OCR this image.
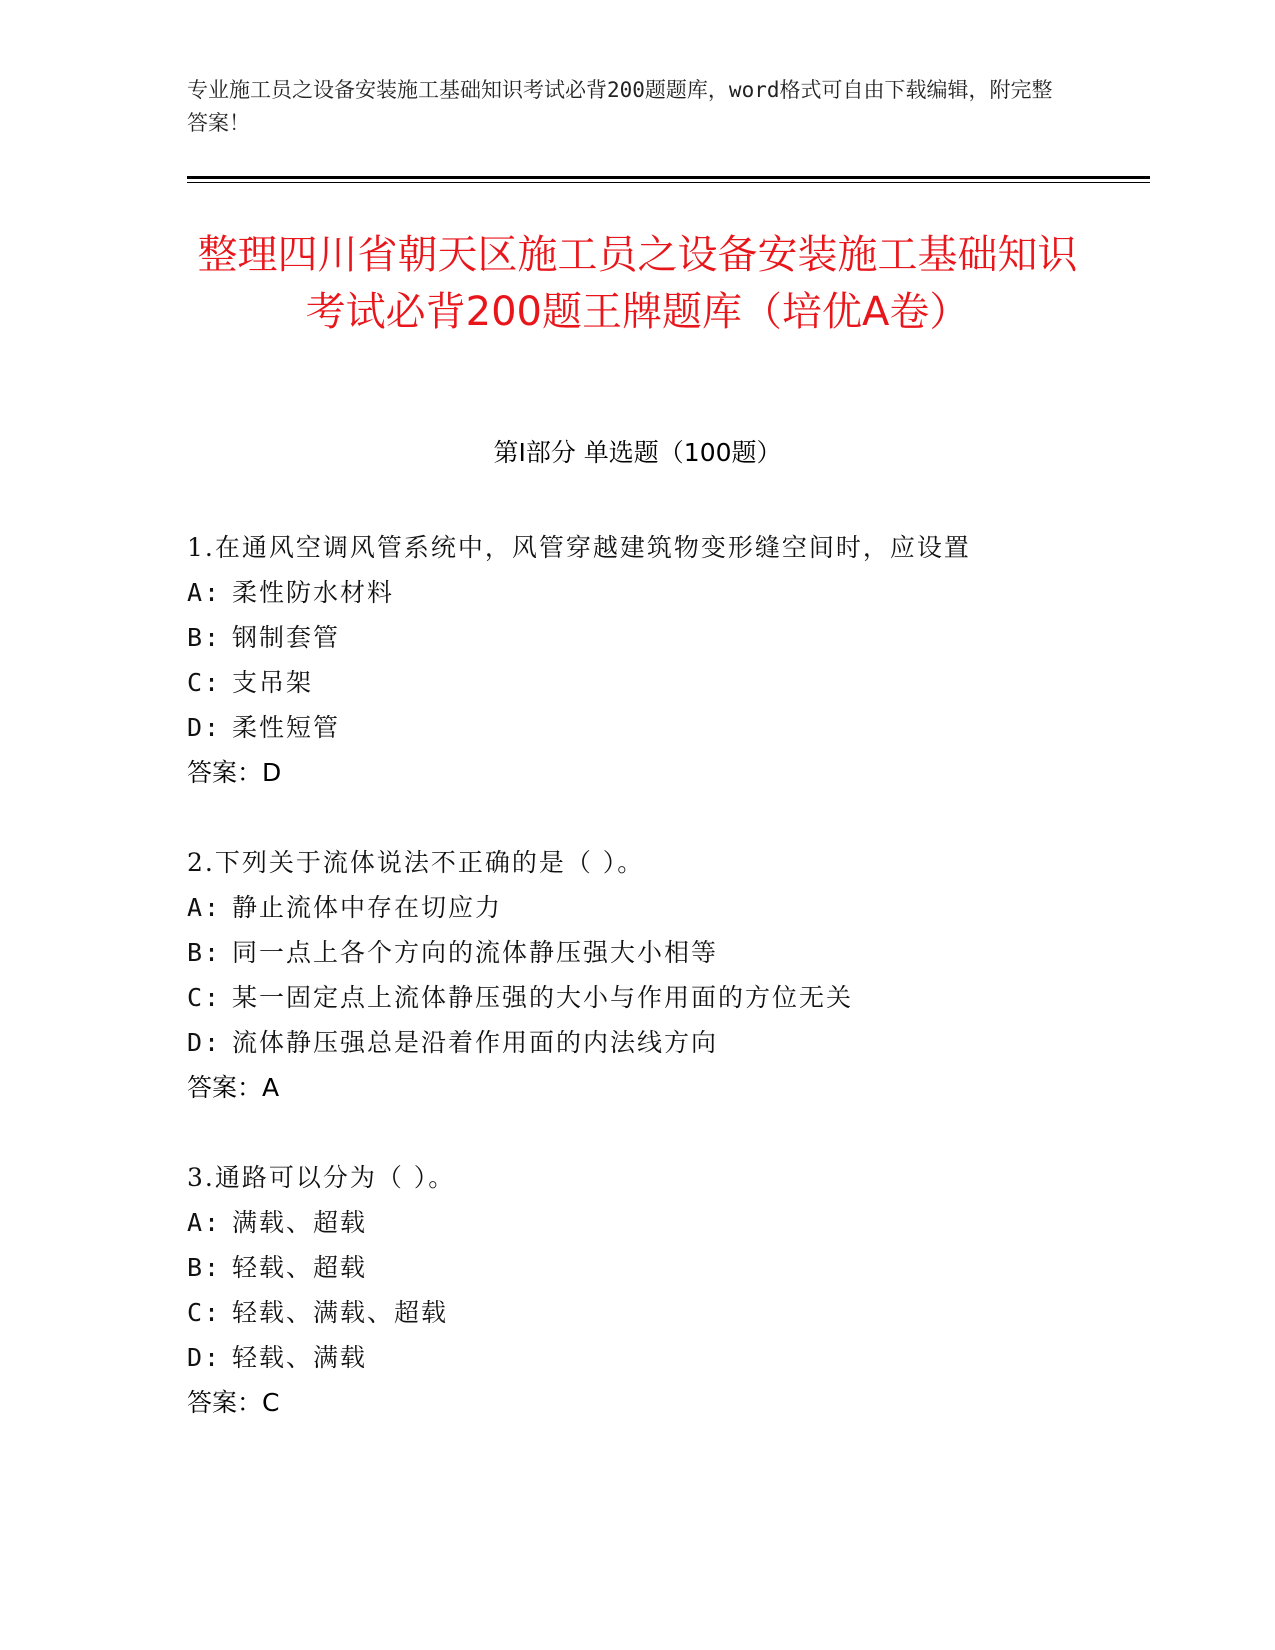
专业施工员之设备安装施工基础知识考试必背200题题库，word格式可自由下载编辑，附完整答案！
整理四川省朝天区施工员之设备安装施工基础知识考试必背200题王牌题库（培优A卷）
第Ⅰ部分 单选题（100题）
1.在通风空调风管系统中，风管穿越建筑物变形缝空间时，应设置
A: 柔性防水材料
B: 钢制套管
C: 支吊架
D: 柔性短管
答案：D
2.下列关于流体说法不正确的是（ ）。
A: 静止流体中存在切应力
B: 同一点上各个方向的流体静压强大小相等
C: 某一固定点上流体静压强的大小与作用面的方位无关
D: 流体静压强总是沿着作用面的内法线方向
答案：A
3.通路可以分为（ ）。
A: 满载、超载
B: 轻载、超载
C: 轻载、满载、超载
D: 轻载、满载
答案：C
